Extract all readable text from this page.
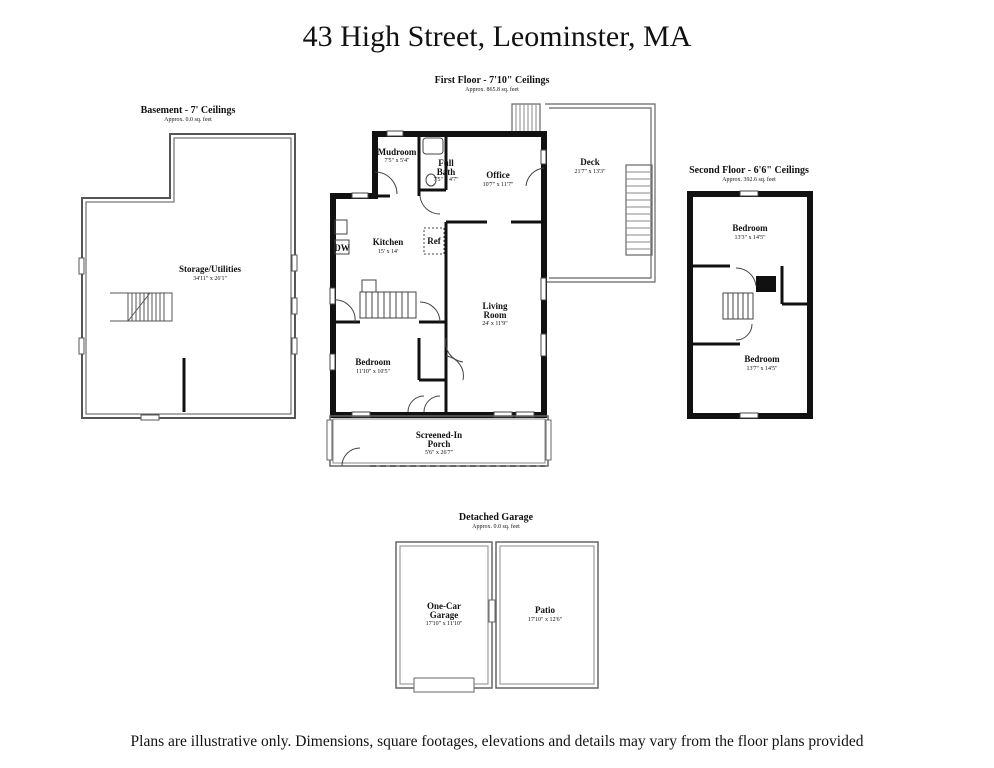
43 High Street, Leominster, MA
Basement - 7' Ceilings
Approx. 0.0 sq. feet
Storage/Utilities
34'11" x 26'1"
First Floor - 7'10" Ceilings
Approx. 865.8 sq. feet
Deck
21'7" x 13'3"
DW
Ref
Screened-In
Porch
5'6" x 26'7"
Mudroom
7'5" x 5'4"	Full
Bath
7'5" x 4'7"	Office
10'7" x 11'7"
Kitchen
15' x 14'
Living
Room
24' x 11'9"
Bedroom
11'10" x 10'5"
Second Floor - 6'6" Ceilings
Approx. 392.6 sq. feet
Bedroom
13'3" x 14'5"
Bedroom
13'7" x 14'5"
Detached Garage
Approx. 0.0 sq. feet
One-Car
Garage
17'10" x 11'10"
Patio
17'10" x 12'6"
Plans are illustrative only. Dimensions, square footages, elevations and details may vary from the floor plans provided
